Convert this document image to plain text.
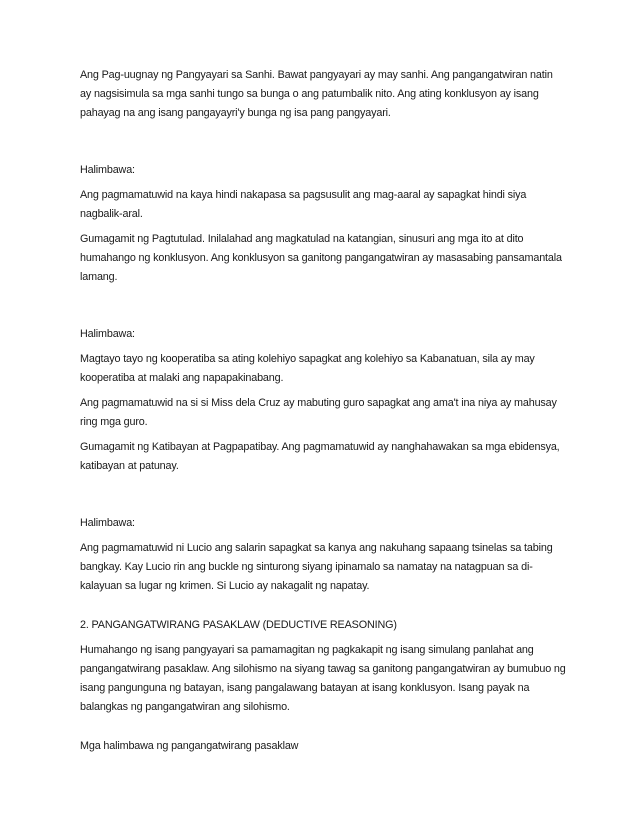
Ang Pag-uugnay ng Pangyayari sa Sanhi. Bawat pangyayari ay may sanhi. Ang pangangatwiran natin ay nagsisimula sa mga sanhi tungo sa bunga o ang patumbalik nito. Ang ating konklusyon ay isang pahayag na ang isang pangayayri'y bunga ng isa pang pangyayari.

Halimbawa:

Ang pagmamatuwid na kaya hindi nakapasa sa pagsusulit ang mag-aaral ay sapagkat hindi siya nagbalik-aral.

Gumagamit ng Pagtutulad. Inilalahad ang magkatulad na katangian, sinusuri ang mga ito at dito humahango ng konklusyon. Ang konklusyon sa ganitong pangangatwiran ay masasabing pansamantala lamang.

Halimbawa:

Magtayo tayo ng kooperatiba sa ating kolehiyo sapagkat ang kolehiyo sa Kabanatuan, sila ay may kooperatiba at malaki ang napapakinabang.

Ang pagmamatuwid na si si Miss dela Cruz ay mabuting guro sapagkat ang ama't ina niya ay mahusay ring mga guro.

Gumagamit ng Katibayan at Pagpapatibay. Ang pagmamatuwid ay nanghahawakan sa mga ebidensya, katibayan at patunay.

Halimbawa:

Ang pagmamatuwid ni Lucio ang salarin sapagkat sa kanya ang nakuhang sapaang tsinelas sa tabing bangkay. Kay Lucio rin ang buckle ng sinturong siyang ipinamalo sa namatay na natagpuan sa di-kalayuan sa lugar ng krimen. Si Lucio ay nakagalit ng napatay.

2. PANGANGATWIRANG PASAKLAW (DEDUCTIVE REASONING)

Humahango ng isang pangyayari sa pamamagitan ng pagkakapit ng isang simulang panlahat ang pangangatwirang pasaklaw. Ang silohismo na siyang tawag sa ganitong pangangatwiran ay bumubuo ng isang pangunguna ng batayan, isang pangalawang batayan at isang konklusyon. Isang payak na balangkas ng pangangatwiran ang silohismo.

Mga halimbawa ng pangangatwirang pasaklaw
